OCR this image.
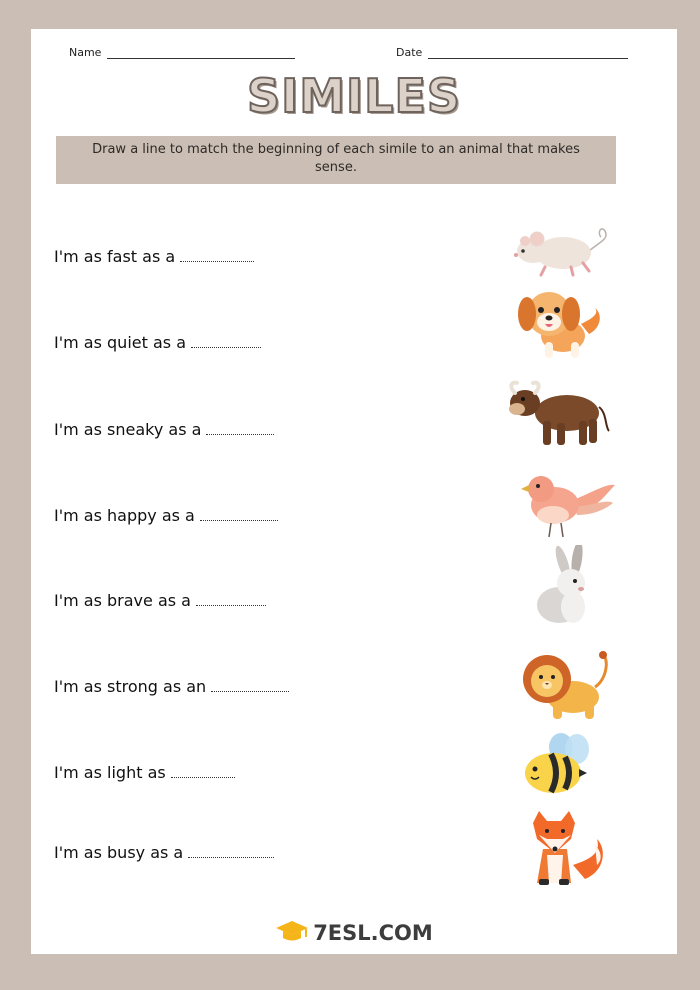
Name	Date
SIMILES
Draw a line to match the beginning of each simile to an animal that makes sense.
I'm as fast as a
I'm as quiet as a
I'm as sneaky as a
I'm as happy as a
I'm as brave as a
I'm as strong as an
I'm as light as
I'm as busy as a
7ESL.COM
